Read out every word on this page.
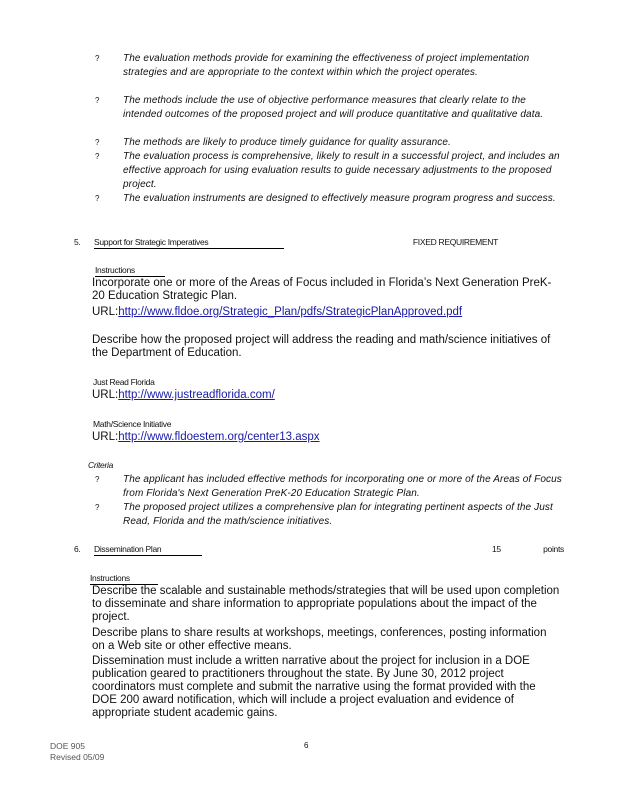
? The evaluation methods provide for examining the effectiveness of project implementation strategies and are appropriate to the context within which the project operates.
? The methods include the use of objective performance measures that clearly relate to the intended outcomes of the proposed project and will produce quantitative and qualitative data.
? The methods are likely to produce timely guidance for quality assurance.
? The evaluation process is comprehensive, likely to result in a successful project, and includes an effective approach for using evaluation results to guide necessary adjustments to the proposed project.
? The evaluation instruments are designed to effectively measure program progress and success.
5. Support for Strategic Imperatives	FIXED REQUIREMENT
Instructions

Incorporate one or more of the Areas of Focus included in Florida’s Next Generation PreK-20 Education Strategic Plan.

URL:http://www.fldoe.org/Strategic_Plan/pdfs/StrategicPlanApproved.pdf

Describe how the proposed project will address the reading and math/science initiatives of the Department of Education.

Just Read Florida
URL:http://www.justreadflorida.com/
Math/Science Initiative
URL:http://www.fldoestem.org/center13.aspx
Criteria
? The applicant has included effective methods for incorporating one or more of the Areas of Focus from Florida's Next Generation PreK-20 Education Strategic Plan.
? The proposed project utilizes a comprehensive plan for integrating pertinent aspects of the Just Read, Florida and the math/science initiatives.
6. Dissemination Plan	15	points
Instructions

Describe the scalable and sustainable methods/strategies that will be used upon completion to disseminate and share information to appropriate populations about the impact of the project.

Describe plans to share results at workshops, meetings, conferences, posting information on a Web site or other effective means.

Dissemination must include a written narrative about the project for inclusion in a DOE publication geared to practitioners throughout the state. By June 30, 2012 project coordinators must complete and submit the narrative using the format provided with the DOE 200 award notification, which will include a project evaluation and evidence of appropriate student academic gains.

DOE 905
Revised 05/09
6
